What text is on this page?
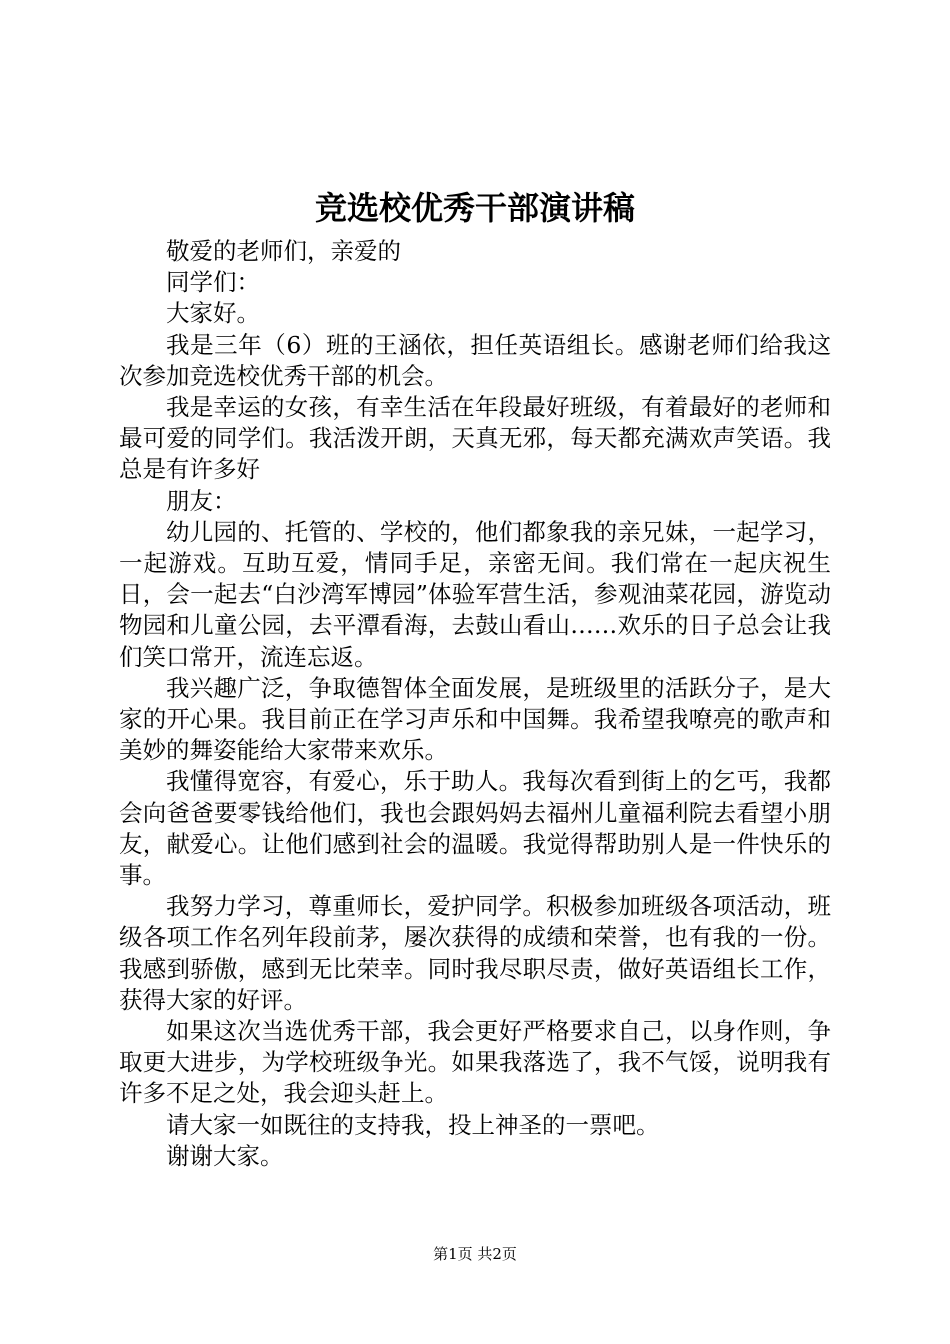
竞选校优秀干部演讲稿

敬爱的老师们，亲爱的

同学们：

大家好。

我是三年（6）班的王涵依，担任英语组长。感谢老师们给我这次参加竞选校优秀干部的机会。

我是幸运的女孩，有幸生活在年段最好班级，有着最好的老师和最可爱的同学们。我活泼开朗，天真无邪，每天都充满欢声笑语。我总是有许多好

朋友：

幼儿园的、托管的、学校的，他们都象我的亲兄妹，一起学习，一起游戏。互助互爱，情同手足，亲密无间。我们常在一起庆祝生日，会一起去“白沙湾军博园”体验军营生活，参观油菜花园，游览动物园和儿童公园，去平潭看海，去鼓山看山……欢乐的日子总会让我们笑口常开，流连忘返。

我兴趣广泛，争取德智体全面发展，是班级里的活跃分子，是大家的开心果。我目前正在学习声乐和中国舞。我希望我嘹亮的歌声和美妙的舞姿能给大家带来欢乐。

我懂得宽容，有爱心，乐于助人。我每次看到街上的乞丐，我都会向爸爸要零钱给他们，我也会跟妈妈去福州儿童福利院去看望小朋友，献爱心。让他们感到社会的温暖。我觉得帮助别人是一件快乐的事。

我努力学习，尊重师长，爱护同学。积极参加班级各项活动，班级各项工作名列年段前茅，屡次获得的成绩和荣誉，也有我的一份。我感到骄傲，感到无比荣幸。同时我尽职尽责，做好英语组长工作，获得大家的好评。

如果这次当选优秀干部，我会更好严格要求自己，以身作则，争取更大进步，为学校班级争光。如果我落选了，我不气馁，说明我有许多不足之处，我会迎头赶上。

请大家一如既往的支持我，投上神圣的一票吧。

谢谢大家。

第1页 共2页
